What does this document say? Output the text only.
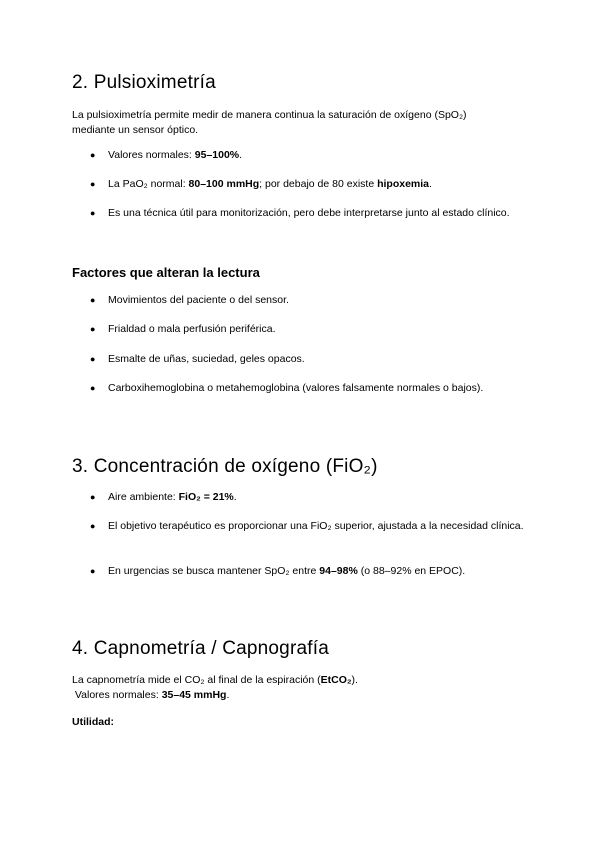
2. Pulsioximetría

La pulsioximetría permite medir de manera continua la saturación de oxígeno (SpO₂) mediante un sensor óptico.

● Valores normales: 95–100%.
● La PaO₂ normal: 80–100 mmHg; por debajo de 80 existe hipoxemia.
● Es una técnica útil para monitorización, pero debe interpretarse junto al estado clínico.
Factores que alteran la lectura
● Movimientos del paciente o del sensor.
● Frialdad o mala perfusión periférica.
● Esmalte de uñas, suciedad, geles opacos.
● Carboxihemoglobina o metahemoglobina (valores falsamente normales o bajos).
3. Concentración de oxígeno (FiO₂)
● Aire ambiente: FiO₂ = 21%.
● El objetivo terapéutico es proporcionar una FiO₂ superior, ajustada a la necesidad clínica.
● En urgencias se busca mantener SpO₂ entre 94–98% (o 88–92% en EPOC).
4. Capnometría / Capnografía

La capnometría mide el CO₂ al final de la espiración (EtCO₂).

Valores normales: 35–45 mmHg.

Utilidad:
